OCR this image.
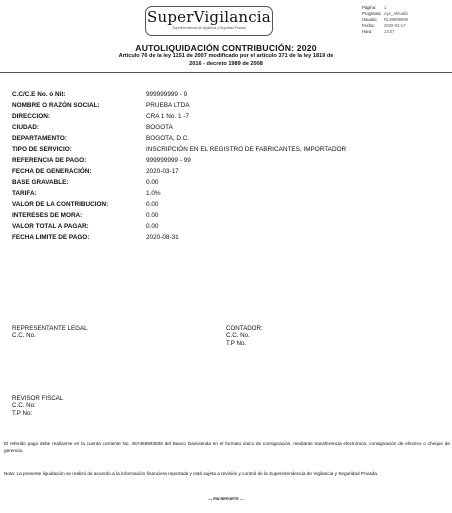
SuperVigilancia
Superintendencia de Vigilancia y Seguridad Privada
Página:	1
Programa: Ayx_Abtualiz
Usuario:	RL99999999
Fecha:	2020-03-17
Hora:	14:07
AUTOLIQUIDACIÓN CONTRIBUCIÓN: 2020
Artículo 76 de la ley 1151 de 2007 modificado por el artículo 371 de la ley 1819 de
2016 - decreto 1989 de 2008
C.C/C.E No. ó Nit:	999999999 - 9
NOMBRE O RAZÓN SOCIAL:	PRUEBA LTDA
DIRECCION:	CRA 1 No. 1 -7
CIUDAD:	BOGOTA
DEPARTAMENTO:	BOGOTA, D.C.
TIPO DE SERVICIO:	INSCRIPCIÓN EN EL REGISTRO DE FABRICANTES, IMPORTADOR
REFERENCIA DE PAGO:	999999999 - 99
FECHA DE GENERACIÓN:	2020-03-17
BASE GRAVABLE:	0.00
TARIFA:	1.0%
VALOR DE LA CONTRIBUCION:	0.00
INTERESES DE MORA:	0.00
VALOR TOTAL A PAGAR:	0.00
FECHA LIMITE DE PAGO:	2020-08-31
REPRESENTANTE LEGAL
C.C. No.
CONTADOR:
C.C. No.
T.P No.
REVISOR FISCAL
C.C. No:
T.P No:
El referido pago debe realizarse en la cuenta corriente No. 457469993838 del Banco Davivienda en el formato único de consignación, mediante transferencia electrónica, consignación de efectivo o cheque de gerencia.
Nota: La presente liquidación se realizó de acuerdo a la información financiera reportada y está sujeta a revisión y control de la Superintendencia de Vigilancia y Seguridad Privada.
--- FIN REPORTE ---
